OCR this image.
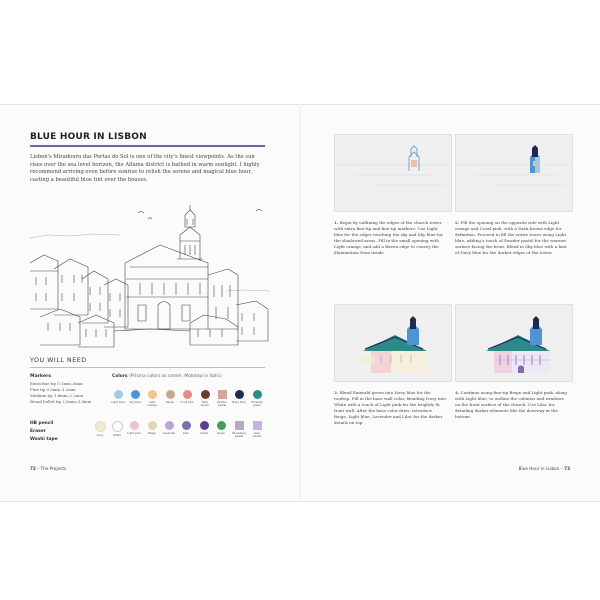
BLUE HOUR IN LISBON

Lisbon's Miradouro das Portas do Sol is one of the city's finest viewpoints. As the sun rises over the sea level horizon, the Alfama district is bathed in warm sunlight. I highly recommend arriving even before sunrise to relish the serene and magical blue hour, casting a beautiful blue tint over the houses.

YOU WILL NEED
Markers
Extra-fine tip 0.1mm–0mm
Fine tip 0.5mm–1.2mm
Medium tip 1.8mm–2.2mm
Broad bullet tip 2.5mm–3.5mm
HB pencil
Eraser
Washi tape
Colors (Prisma colors as comm. Molotow in italic)
Light blue	Sky blue	Light orange
Raven	Coral pink	Dark brown
Powder pastel
Navy blue	Emerald green
Ivory	White	Light pink	Beige	Lavender	Lilac	Violet	Green	Pavestone pastel
Lilac pastel
72 – The Projects

1. Begin by outlining the edges of the church tower with extra fine-tip and fine-tip markers. Use Light blue for the edges touching the sky and Sky blue for the shadowed areas. Fill in the small opening with Light orange, and add a Raven edge to convey the illumination from inside.

2. Fill the opening on the opposite side with Light orange and Coral pink, with a Dark brown edge for definition. Proceed to fill the entire tower using Light blue, adding a touch of Powder pastel for the warmer surface facing the front. Blend in Sky blue with a hint of Navy blue for the darker edges of the tower.

3. Blend Emerald green into Navy blue for the rooftop. Fill in the base wall color, blending Ivory into White with a touch of Light pink for the brightly lit front wall. After the base color dries, introduce Beige, Light blue, Lavender and Lilac for the darker details on top.

4. Continue using fine-tip Beige and Light pink, along with Light blue, to outline the colonies and windows on the front surface of the church. Use Lilac for detailing darker elements like the doorway at the bottom.

Blue Hour in Lisbon – 73
